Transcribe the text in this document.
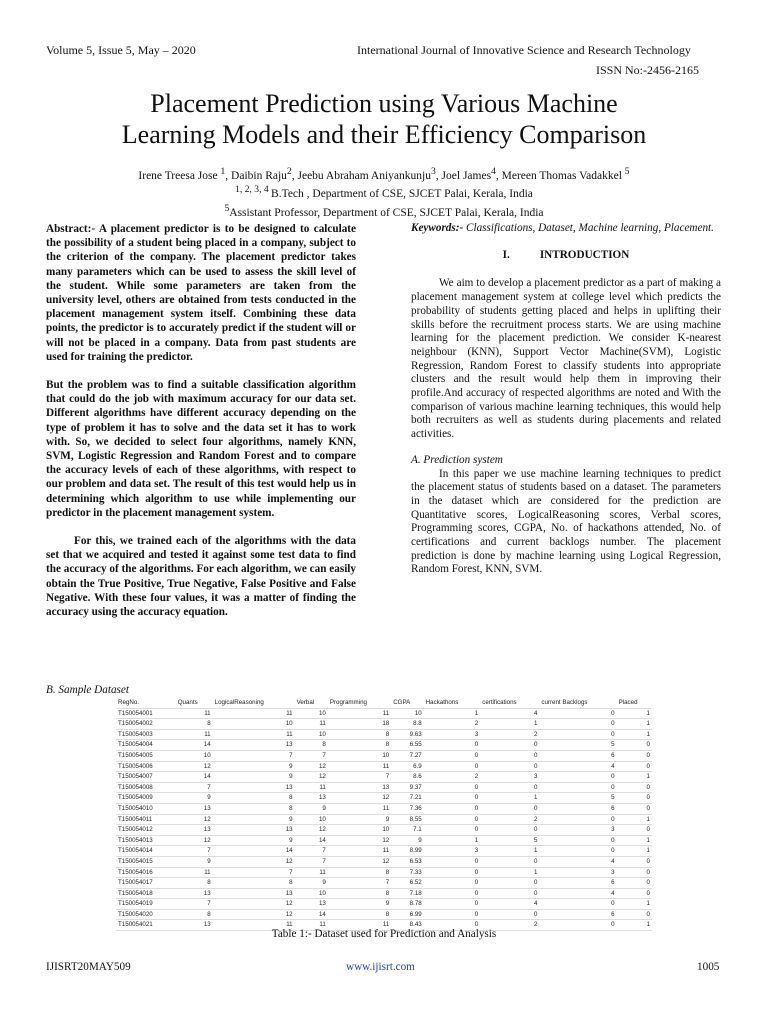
Volume 5, Issue 5, May – 2020	International Journal of Innovative Science and Research Technology
ISSN No:-2456-2165
Placement Prediction using Various Machine
Learning Models and their Efficiency Comparison
Irene Treesa Jose $^1$, Daibin Raju$^2$, Jeebu Abraham Aniyankunju$^3$, Joel James$^4$, Mereen Thomas Vadakkel $^5$
$^{1, 2, 3, 4}$ B.Tech , Department of CSE, SJCET Palai, Kerala, India
$^5$Assistant Professor, Department of CSE, SJCET Palai, Kerala, India

Abstract:- A placement predictor is to be designed to calculate the possibility of a student being placed in a company, subject to the criterion of the company. The placement predictor takes many parameters which can be used to assess the skill level of the student. While some parameters are taken from the university level, others are obtained from tests conducted in the placement management system itself. Combining these data points, the predictor is to accurately predict if the student will or will not be placed in a company. Data from past students are used for training the predictor.

But the problem was to find a suitable classification algorithm that could do the job with maximum accuracy for our data set. Different algorithms have different accuracy depending on the type of problem it has to solve and the data set it has to work with. So, we decided to select four algorithms, namely KNN, SVM, Logistic Regression and Random Forest and to compare the accuracy levels of each of these algorithms, with respect to our problem and data set. The result of this test would help us in determining which algorithm to use while implementing our predictor in the placement management system.

For this, we trained each of the algorithms with the data set that we acquired and tested it against some test data to find the accuracy of the algorithms. For each algorithm, we can easily obtain the True Positive, True Negative, False Positive and False Negative. With these four values, it was a matter of finding the accuracy using the accuracy equation.

Keywords:- Classifications, Dataset, Machine learning, Placement.

I.	INTRODUCTION

We aim to develop a placement predictor as a part of making a placement management system at college level which predicts the probability of students getting placed and helps in uplifting their skills before the recruitment process starts. We are using machine learning for the placement prediction. We consider K-nearest neighbour (KNN), Support Vector Machine(SVM), Logistic Regression, Random Forest to classify students into appropriate clusters and the result would help them in improving their profile.And accuracy of respected algorithms are noted and With the comparison of various machine learning techniques, this would help both recruiters as well as students during placements and related activities.

A. Prediction system

In this paper we use machine learning techniques to predict the placement status of students based on a dataset. The parameters in the dataset which are considered for the prediction are Quantitative scores, LogicalReasoning scores, Verbal scores, Programming scores, CGPA, No. of hackathons attended, No. of certifications and current backlogs number. The placement prediction is done by machine learning using Logical Regression, Random Forest, KNN, SVM.

B. Sample Dataset
RegNo.	Quants	LogicalReasoning	Verbal	Programming	CGPA	Hackathons	certifications	current Backlogs	Placed
T150054001	11	11	10	11	10	1	4	0	1
T150054002	8	10	11	18	8.8	2	1	0	1
T150054003	11	11	10	8	9.63	3	2	0	1
T150054004	14	13	8	8	6.55	0	0	5	0
T150054005	10	7	7	10	7.27	0	0	6	0
T150054006	12	9	12	11	6.9	0	0	4	0
T150054007	14	9	12	7	8.6	2	3	0	1
T150054008	7	13	11	13	9.37	0	0	0	0
T150054009	9	8	13	12	7.21	0	1	5	0
T150054010	13	8	9	11	7.36	0	0	6	0
T150054011	12	9	10	9	8.55	0	2	0	1
T150054012	13	13	12	10	7.1	0	0	3	0
T150054013	12	9	14	12	9	1	5	0	1
T150054014	7	14	7	11	8.99	3	1	0	1
T150054015	9	12	7	12	6.53	0	0	4	0
T150054016	11	7	11	8	7.33	0	1	3	0
T150054017	8	8	9	7	6.52	0	0	6	0
T150054018	13	13	10	8	7.18	0	0	4	0
T150054019	7	12	13	9	8.78	0	4	0	1
T150054020	8	12	14	8	6.99	0	0	6	0
T150054021	13	11	11	11	8.43	0	2	0	1
Table 1:- Dataset used for Prediction and Analysis
IJISRT20MAY509	www.ijisrt.com	1005
